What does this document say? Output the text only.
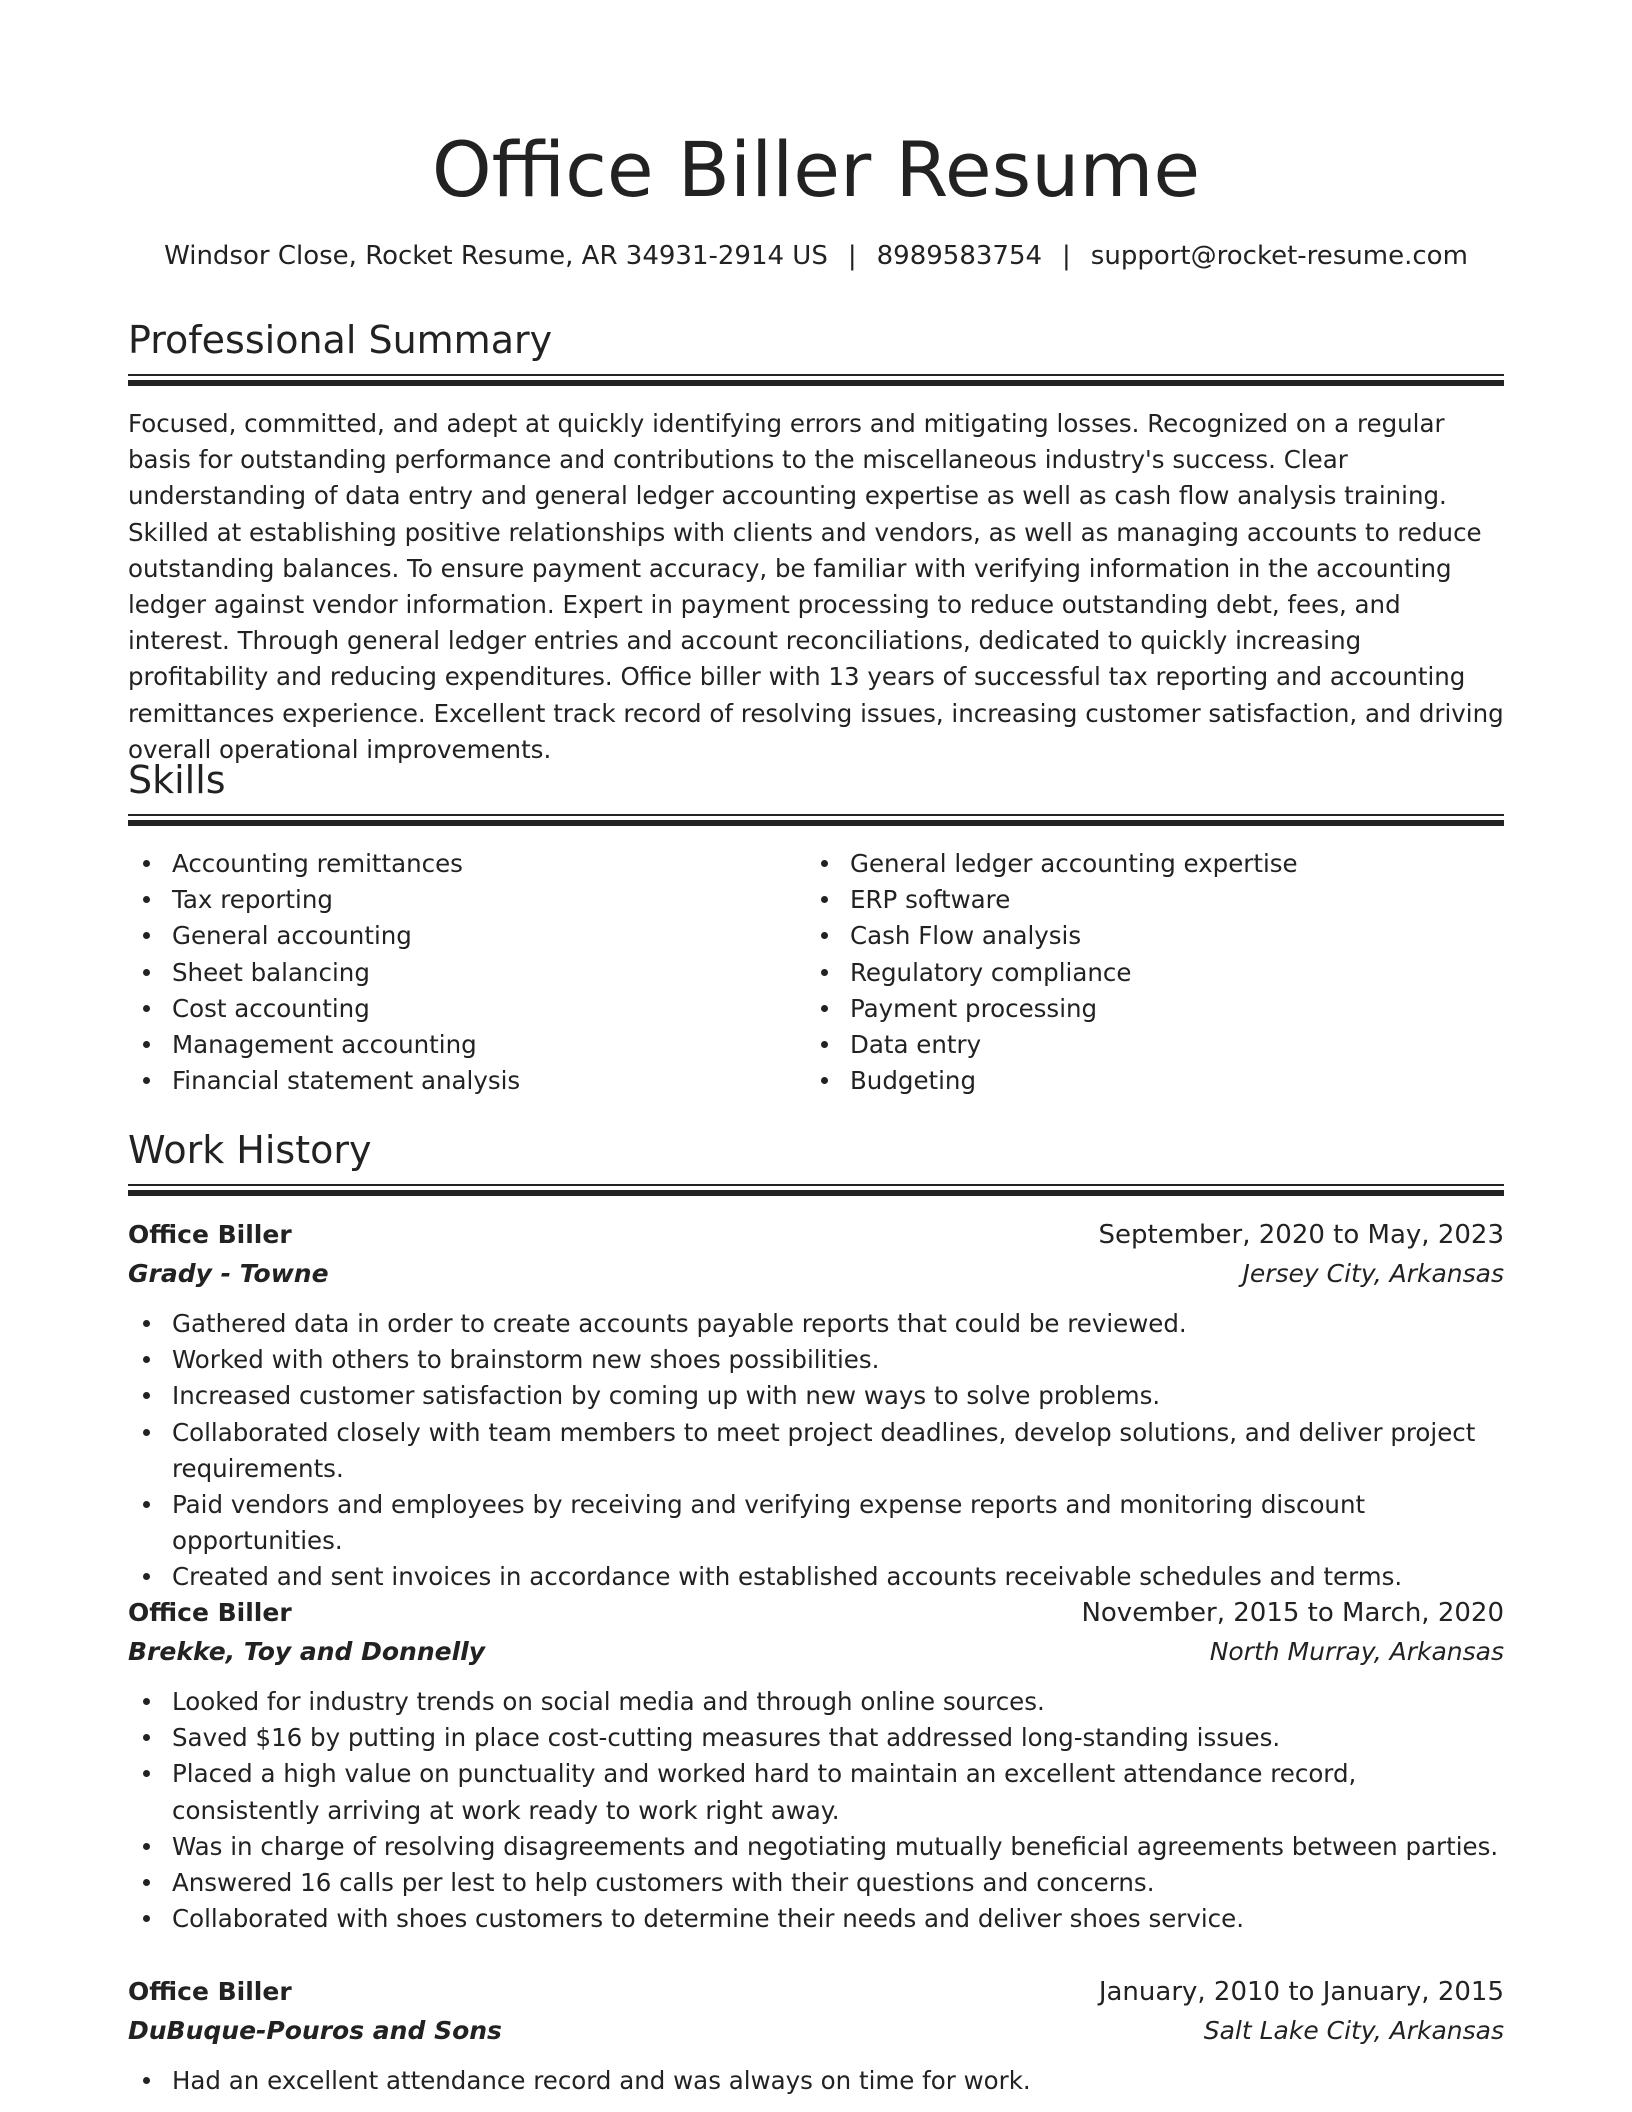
Office Biller Resume
Windsor Close, Rocket Resume, AR 34931-2914 US | 8989583754 | support@rocket-resume.com
Professional Summary

Focused, committed, and adept at quickly identifying errors and mitigating losses. Recognized on a regular basis for outstanding performance and contributions to the miscellaneous industry's success. Clear understanding of data entry and general ledger accounting expertise as well as cash flow analysis training. Skilled at establishing positive relationships with clients and vendors, as well as managing accounts to reduce outstanding balances. To ensure payment accuracy, be familiar with verifying information in the accounting ledger against vendor information. Expert in payment processing to reduce outstanding debt, fees, and interest. Through general ledger entries and account reconciliations, dedicated to quickly increasing profitability and reducing expenditures. Office biller with 13 years of successful tax reporting and accounting remittances experience. Excellent track record of resolving issues, increasing customer satisfaction, and driving overall operational improvements.

Skills
Accounting remittances
Tax reporting
General accounting
Sheet balancing
Cost accounting
Management accounting
Financial statement analysis
General ledger accounting expertise
ERP software
Cash Flow analysis
Regulatory compliance
Payment processing
Data entry
Budgeting
Work History
Office Biller	September, 2020 to May, 2023
Grady - Towne	Jersey City, Arkansas
Gathered data in order to create accounts payable reports that could be reviewed.
Worked with others to brainstorm new shoes possibilities.
Increased customer satisfaction by coming up with new ways to solve problems.
Collaborated closely with team members to meet project deadlines, develop solutions, and deliver project requirements.
Paid vendors and employees by receiving and verifying expense reports and monitoring discount opportunities.
Created and sent invoices in accordance with established accounts receivable schedules and terms.
Office Biller	November, 2015 to March, 2020
Brekke, Toy and Donnelly	North Murray, Arkansas
Looked for industry trends on social media and through online sources.
Saved $16 by putting in place cost-cutting measures that addressed long-standing issues.
Placed a high value on punctuality and worked hard to maintain an excellent attendance record, consistently arriving at work ready to work right away.
Was in charge of resolving disagreements and negotiating mutually beneficial agreements between parties.
Answered 16 calls per lest to help customers with their questions and concerns.
Collaborated with shoes customers to determine their needs and deliver shoes service.
Office Biller	January, 2010 to January, 2015
DuBuque-Pouros and Sons	Salt Lake City, Arkansas
Had an excellent attendance record and was always on time for work.
